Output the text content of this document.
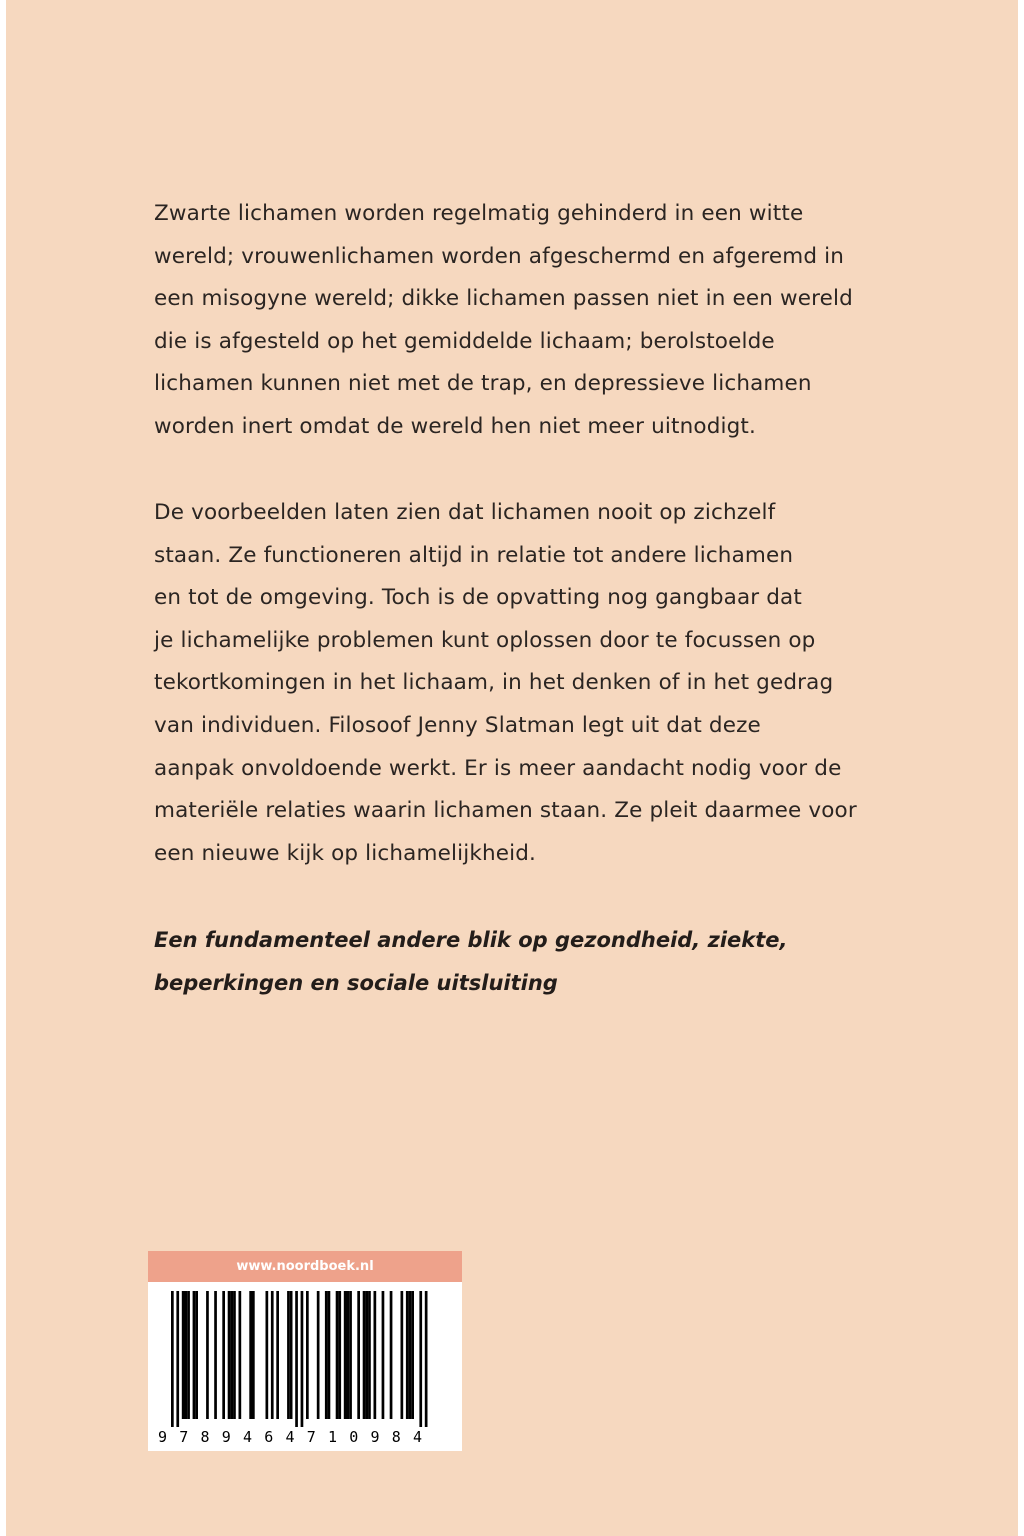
Zwarte lichamen worden regelmatig gehinderd in een witte
wereld; vrouwenlichamen worden afgeschermd en afgeremd in
een misogyne wereld; dikke lichamen passen niet in een wereld
die is afgesteld op het gemiddelde lichaam; berolstoelde
lichamen kunnen niet met de trap, en depressieve lichamen
worden inert omdat de wereld hen niet meer uitnodigt.

De voorbeelden laten zien dat lichamen nooit op zichzelf
staan. Ze functioneren altijd in relatie tot andere lichamen
en tot de omgeving. Toch is de opvatting nog gangbaar dat
je lichamelijke problemen kunt oplossen door te focussen op
tekortkomingen in het lichaam, in het denken of in het gedrag
van individuen. Filosoof Jenny Slatman legt uit dat deze
aanpak onvoldoende werkt. Er is meer aandacht nodig voor de
materiële relaties waarin lichamen staan. Ze pleit daarmee voor
een nieuwe kijk op lichamelijkheid.

Een fundamenteel andere blik op gezondheid, ziekte,
beperkingen en sociale uitsluiting

www.noordboek.nl
9789464710984
